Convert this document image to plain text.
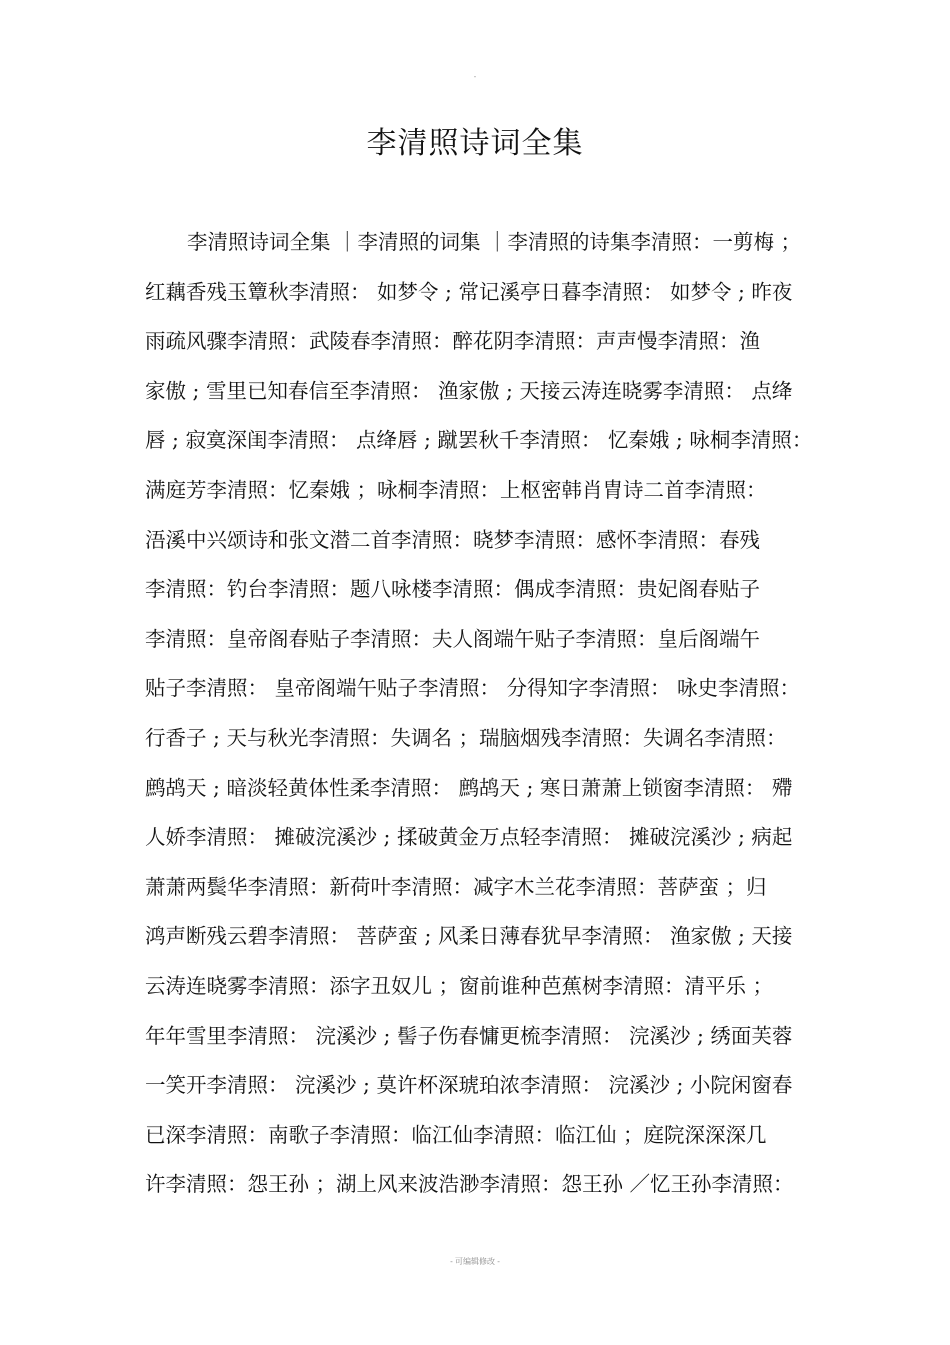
-
李清照诗词全集
李清照诗词全集 ｜李清照的词集 ｜李清照的诗集李清照：一剪梅 ；
红藕香残玉簟秋李清照： 如梦令 ; 常记溪亭日暮李清照： 如梦令 ; 昨夜
雨疏风骤李清照：武陵春李清照：醉花阴李清照：声声慢李清照：渔
家傲 ; 雪里已知春信至李清照： 渔家傲 ; 天接云涛连晓雾李清照： 点绛
唇 ; 寂寞深闺李清照： 点绛唇 ; 蹴罢秋千李清照： 忆秦娥 ; 咏桐李清照：
满庭芳李清照：忆秦娥 ；咏桐李清照：上枢密韩肖胄诗二首李清照：
浯溪中兴颂诗和张文潜二首李清照：晓梦李清照：感怀李清照：春残
李清照：钓台李清照：题八咏楼李清照：偶成李清照：贵妃阁春贴子
李清照：皇帝阁春贴子李清照：夫人阁端午贴子李清照：皇后阁端午
贴子李清照： 皇帝阁端午贴子李清照： 分得知字李清照： 咏史李清照：
行香子 ; 天与秋光李清照：失调名 ；瑞脑烟残李清照：失调名李清照：
鹧鸪天 ; 暗淡轻黄体性柔李清照： 鹧鸪天 ; 寒日萧萧上锁窗李清照： 殢
人娇李清照： 摊破浣溪沙 ; 揉破黄金万点轻李清照： 摊破浣溪沙 ; 病起
萧萧两鬓华李清照：新荷叶李清照：减字木兰花李清照：菩萨蛮 ；归
鸿声断残云碧李清照： 菩萨蛮 ; 风柔日薄春犹早李清照： 渔家傲 ; 天接
云涛连晓雾李清照：添字丑奴儿 ；窗前谁种芭蕉树李清照：清平乐 ；
年年雪里李清照： 浣溪沙 ; 髻子伤春慵更梳李清照： 浣溪沙 ; 绣面芙蓉
一笑开李清照： 浣溪沙 ; 莫许杯深琥珀浓李清照： 浣溪沙 ; 小院闲窗春
已深李清照：南歌子李清照：临江仙李清照：临江仙 ；庭院深深深几
许李清照：怨王孙 ；湖上风来波浩渺李清照：怨王孙 ／忆王孙李清照：
- 可编辑修改 -
